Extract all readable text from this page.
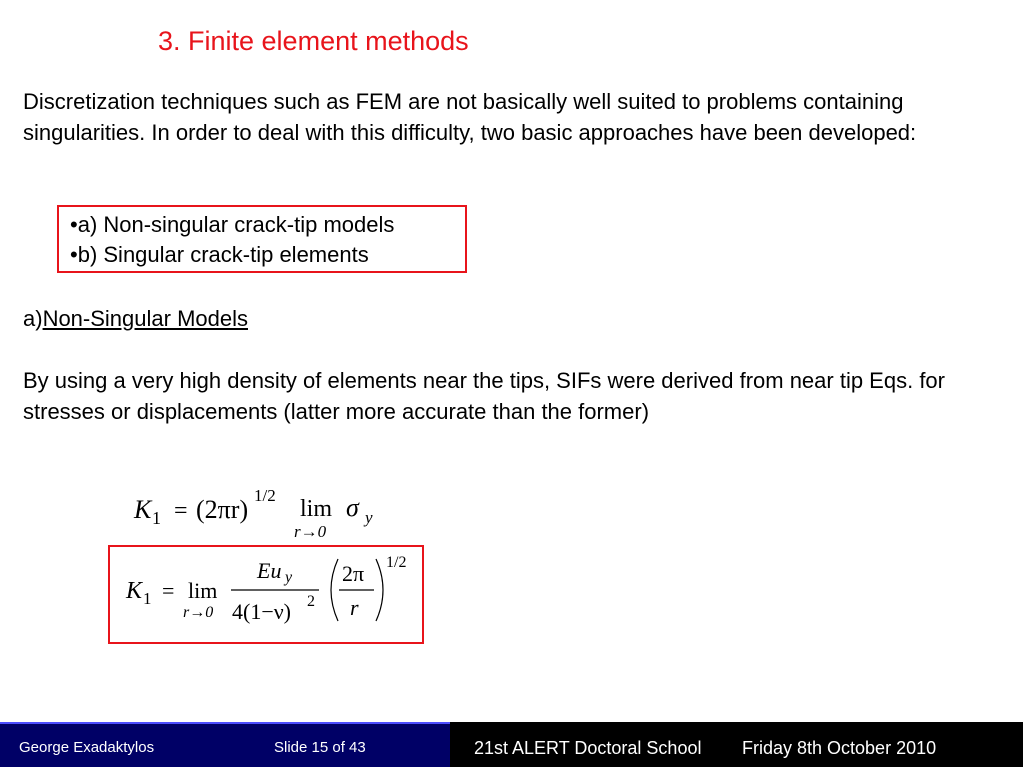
3. Finite element methods

Discretization techniques such as FEM are not basically well suited to problems containing singularities. In order to deal with this difficulty, two basic approaches have been developed:

•a) Non-singular crack-tip models
•b) Singular crack-tip elements
a)Non-Singular Models

By using a very high density of elements near the tips, SIFs were derived from near tip Eqs. for stresses or displacements (latter more accurate than the former)

K 1 = (2πr) 1/2
lim
r→0
σ y
K 1 = lim
r→0
Eu y
4(1−ν) 2
2π
r
1/2
George Exadaktylos	Slide 15 of 43	21st ALERT Doctoral School Friday 8th October 2010
